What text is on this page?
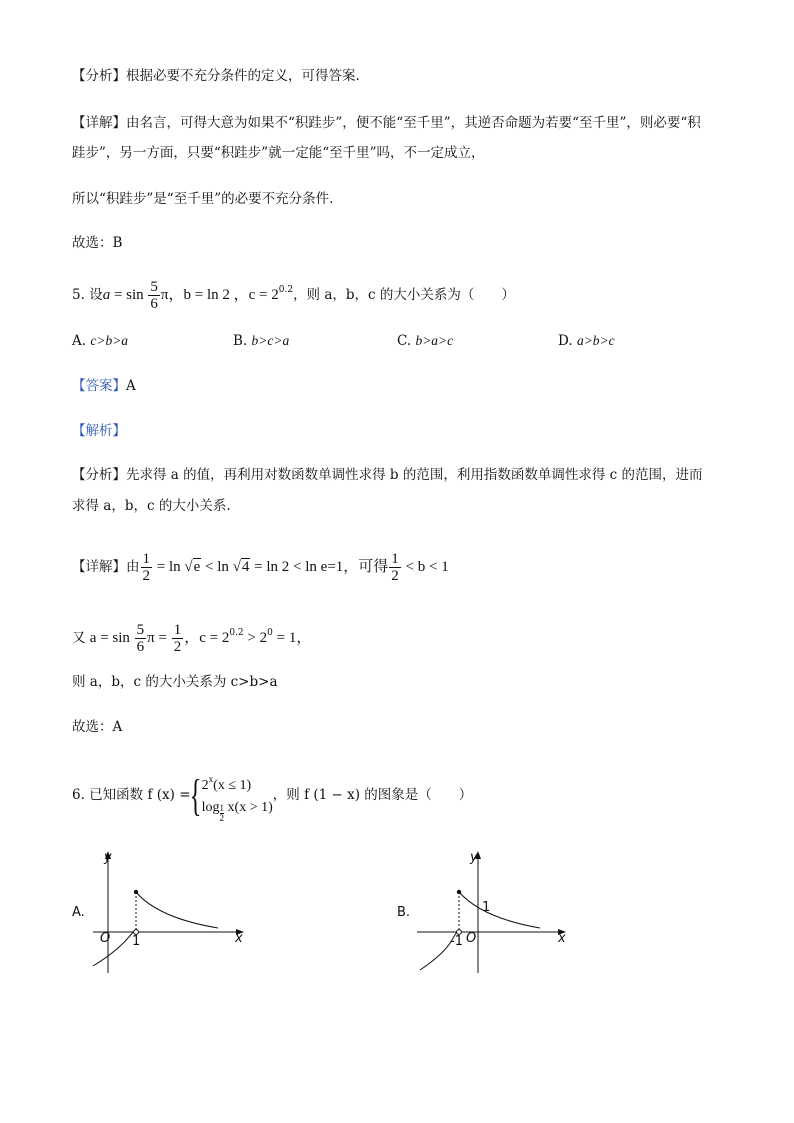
【分析】根据必要不充分条件的定义，可得答案.
【详解】由名言，可得大意为如果不“积跬步”，便不能“至千里”，其逆否命题为若要“至千里”，则必要“积
跬步”，另一方面，只要“积跬步”就一定能“至千里”吗，不一定成立，
所以“积跬步”是“至千里”的必要不充分条件.
故选：B
5. 设$a = \sin \frac{5}{6}$ π，b = ln 2 ，$c = 2^{0.2}$，则 a，b，c 的大小关系为（　　）
A. c>b>a	B. b>c>a	C. b>a>c	D. a>b>c
【答案】A
【解析】
【分析】先求得 a 的值，再利用对数函数单调性求得 b 的范围，利用指数函数单调性求得 c 的范围，进而
求得 a，b，c 的大小关系.
【详解】由 $\frac{1}{2} = \ln √e < \ln √4 = \ln 2 < \ln e=1$，可得 $\frac{1}{2} < b < 1$
又 $a = \sin \frac{5}{6}$ $\pi = \frac{1}{2}$ ，$c = 2^{0.2} > 2^0 = 1$，
则 a，b，c 的大小关系为 c>b>a
故选：A
6. 已知函数 f (x) ={ $2^x(x \le 1)$
$\log \frac{1}{2} x(x > 1)$
，则 f (1 − x) 的图象是（　　）
A.
y
x
O 1
B.
y
x
O
-1
1
